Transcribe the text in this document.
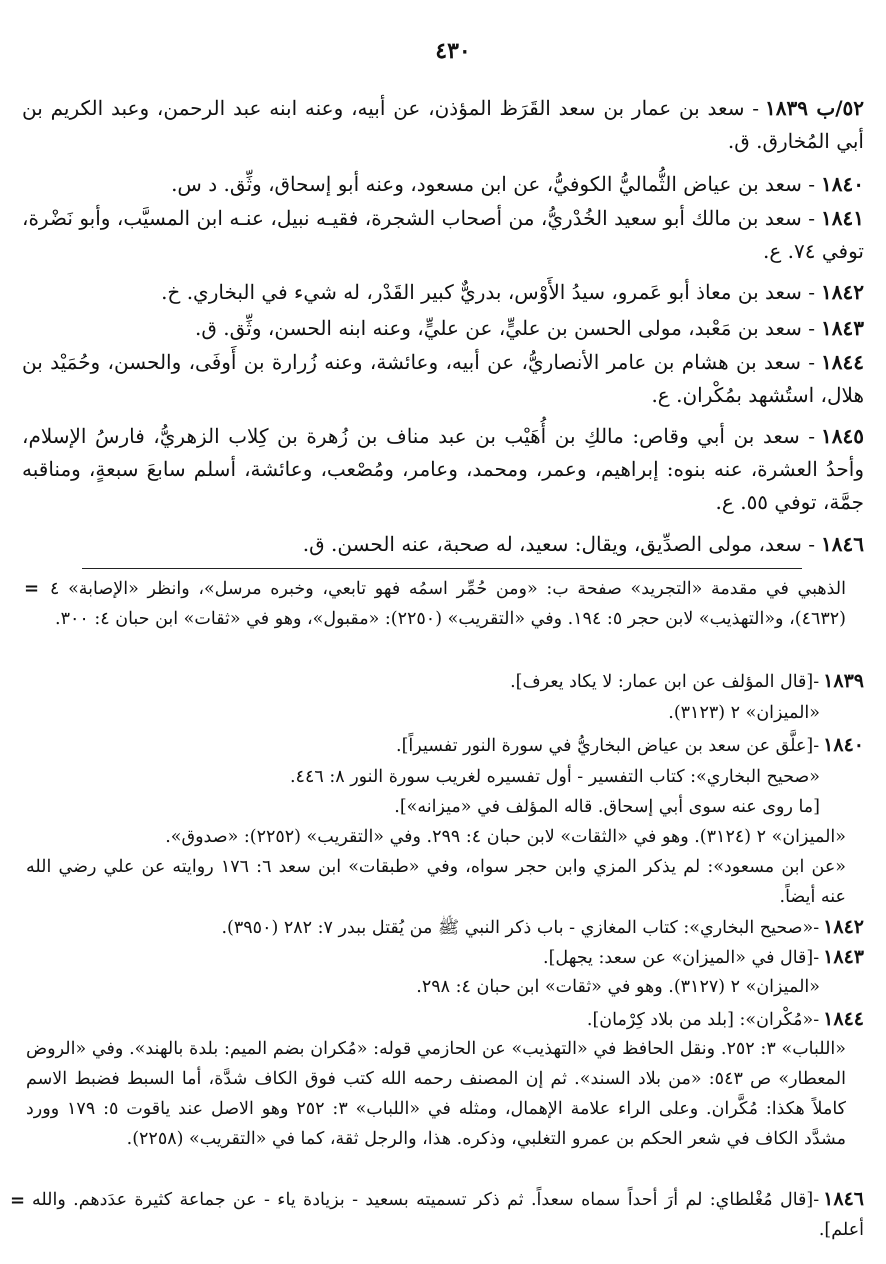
٤٣٠
٥٢/ب ١٨٣٩- سعد بن عمار بن سعد القَرَظ المؤذن، عن أبيه، وعنه ابنه عبد الرحمن، وعبد الكريم بن أبي المُخارق. ق.
١٨٤٠- سعد بن عياض الثُّماليُّ الكوفيُّ، عن ابن مسعود، وعنه أبو إسحاق، وثِّق. د س.
١٨٤١- سعد بن مالك أبو سعيد الخُدْريُّ، من أصحاب الشجرة، فقيـه نبيل، عنـه ابن المسيَّب، وأبو نَضْرة، توفي ٧٤. ع.
١٨٤٢- سعد بن معاذ أبو عَمرو، سيدُ الأَوْس، بدريٌّ كبير القَدْر، له شيء في البخاري. خ.
١٨٤٣- سعد بن مَعْبد، مولى الحسن بن عليٍّ، عن عليٍّ، وعنه ابنه الحسن، وثِّق. ق.
١٨٤٤- سعد بن هشام بن عامر الأنصاريُّ، عن أبيه، وعائشة، وعنه زُرارة بن أَوفَى، والحسن، وحُمَيْد بن هلال، استُشهد بمُكْران. ع.
١٨٤٥- سعد بن أبي وقاص: مالكِ بن أُهَيْب بن عبد مناف بن زُهرة بن كِلاب الزهريُّ، فارسُ الإسلام، وأحدُ العشرة، عنه بنوه: إبراهيم، وعمر، ومحمد، وعامر، ومُصْعب، وعائشة، أسلم سابعَ سبعةٍ، ومناقبه جمَّة، توفي ٥٥. ع.
١٨٤٦- سعد، مولى الصدِّيق، ويقال: سعيد، له صحبة، عنه الحسن. ق.
= الذهبي في مقدمة «التجريد» صفحة ب: «ومن حُمِّر اسمُه فهو تابعي، وخبره مرسل»، وانظر «الإصابة» ٤ (٤٦٣٢)، و«التهذيب» لابن حجر ٥: ١٩٤. وفي «التقريب» (٢٢٥٠): «مقبول»، وهو في «ثقات» ابن حبان ٤: ٣٠٠.
١٨٣٩-[قال المؤلف عن ابن عمار: لا يكاد يعرف].
«الميزان» ٢ (٣١٢٣).
١٨٤٠-[علَّق عن سعد بن عياض البخاريُّ في سورة النور تفسيراً].
«صحيح البخاري»: كتاب التفسير - أول تفسيره لغريب سورة النور ٨: ٤٤٦.
[ما روى عنه سوى أبي إسحاق. قاله المؤلف في «ميزانه»].
«الميزان» ٢ (٣١٢٤). وهو في «الثقات» لابن حبان ٤: ٢٩٩. وفي «التقريب» (٢٢٥٢): «صدوق».
«عن ابن مسعود»: لم يذكر المزي وابن حجر سواه، وفي «طبقات» ابن سعد ٦: ١٧٦ روايته عن علي رضي الله عنه أيضاً.
١٨٤٢-«صحيح البخاري»: كتاب المغازي - باب ذكر النبي ﷺ من يُقتل ببدر ٧: ٢٨٢ (٣٩٥٠).
١٨٤٣-[قال في «الميزان» عن سعد: يجهل].
«الميزان» ٢ (٣١٢٧). وهو في «ثقات» ابن حبان ٤: ٢٩٨.
١٨٤٤-«مُكْران»: [بلد من بلاد كِرْمان].
«اللباب» ٣: ٢٥٢. ونقل الحافظ في «التهذيب» عن الحازمي قوله: «مُكران بضم الميم: بلدة بالهند». وفي «الروض المعطار» ص ٥٤٣: «من بلاد السند». ثم إن المصنف رحمه الله كتب فوق الكاف شدَّة، أما السبط فضبط الاسم كاملاً هكذا: مُكَّران. وعلى الراء علامة الإهمال، ومثله في «اللباب» ٣: ٢٥٢ وهو الاصل عند ياقوت ٥: ١٧٩ وورد مشدَّد الكاف في شعر الحكم بن عمرو التغلبي، وذكره. هذا، والرجل ثقة، كما في «التقريب» (٢٢٥٨).
١٨٤٦-[قال مُغْلطاي: لم أرَ أحداً سماه سعداً. ثم ذكر تسميته بسعيد - بزيادة ياء - عن جماعة كثيرة عدَدهم. والله أعلم].
=
